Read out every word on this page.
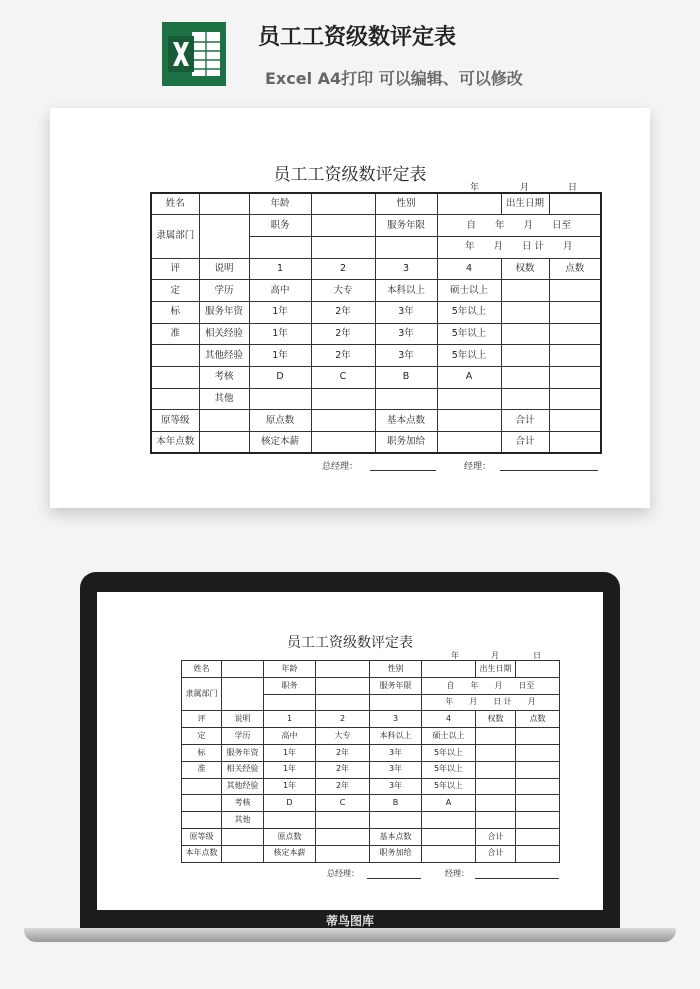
员工工资级数评定表
Excel A4打印 可以编辑、可以修改
员工工资级数评定表
年	月	日
姓名		年龄		性别		出生日期	
隶属部门		职务		服务年限	自　　年　　月　　日至		
					年　　月　　日 计　　月		
评	说明	1	2	3	4	权数	点数
定	学历	高中	大专	本科以上	硕士以上		
标	服务年资	1年	2年	3年	5年以上		
准	相关经验	1年	2年	3年	5年以上		
	其他经验	1年	2年	3年	5年以上		
	考核	D	C	B	A		
	其他						
原等级		原点数		基本点数		合计	
本年点数		核定本薪		职务加给		合计	
总经理：	经理：
员工工资级数评定表
年	月	日
姓名		年龄		性别		出生日期	
隶属部门		职务		服务年限	自　　年　　月　　日至		
					年　　月　　日 计　　月		
评	说明	1	2	3	4	权数	点数
定	学历	高中	大专	本科以上	硕士以上		
标	服务年资	1年	2年	3年	5年以上		
准	相关经验	1年	2年	3年	5年以上		
	其他经验	1年	2年	3年	5年以上		
	考核	D	C	B	A		
	其他						
原等级		原点数		基本点数		合计	
本年点数		核定本薪		职务加给		合计	
总经理：	经理：
蒂鸟图库
